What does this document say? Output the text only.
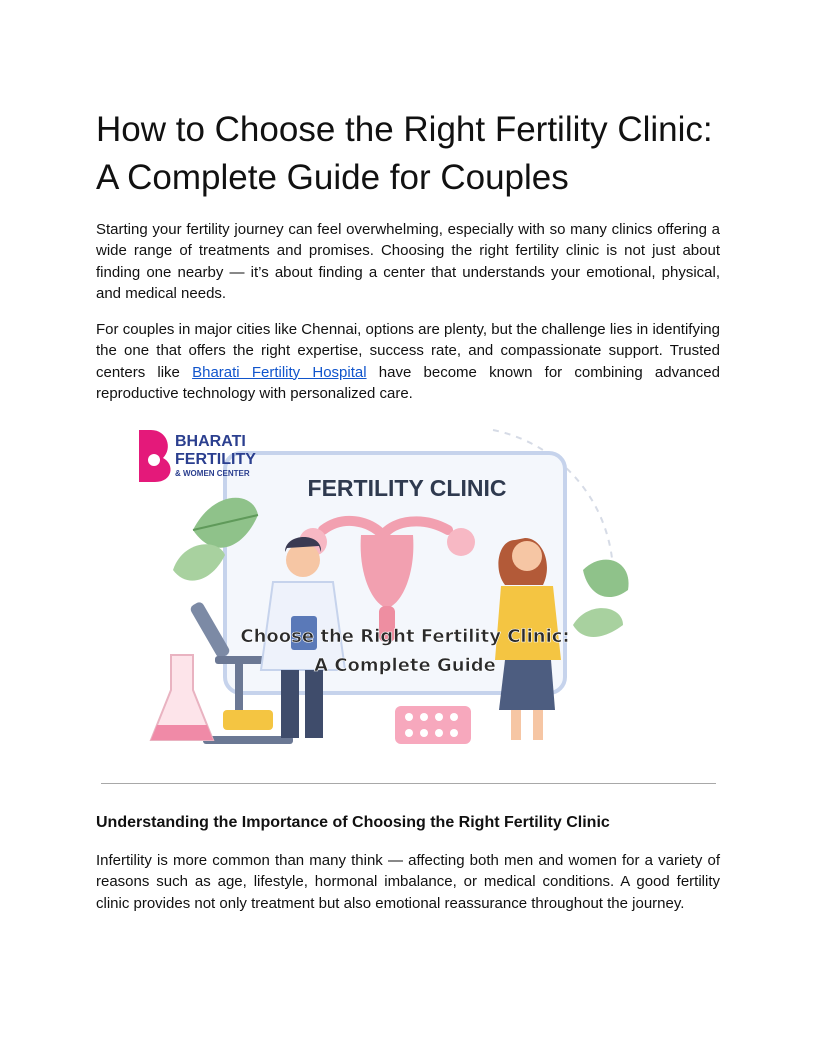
How to Choose the Right Fertility Clinic:
A Complete Guide for Couples

Starting your fertility journey can feel overwhelming, especially with so many clinics offering a wide range of treatments and promises. Choosing the right fertility clinic is not just about finding one nearby — it’s about finding a center that understands your emotional, physical, and medical needs.

For couples in major cities like Chennai, options are plenty, but the challenge lies in identifying the one that offers the right expertise, success rate, and compassionate support. Trusted centers like Bharati Fertility Hospital have become known for combining advanced reproductive technology with personalized care.

FERTILITY CLINIC
BHARATI
FERTILITY
& WOMEN CENTER
Choose the Right Fertility Clinic:
A Complete Guide
Understanding the Importance of Choosing the Right Fertility Clinic

Infertility is more common than many think — affecting both men and women for a variety of reasons such as age, lifestyle, hormonal imbalance, or medical conditions. A good fertility clinic provides not only treatment but also emotional reassurance throughout the journey.
